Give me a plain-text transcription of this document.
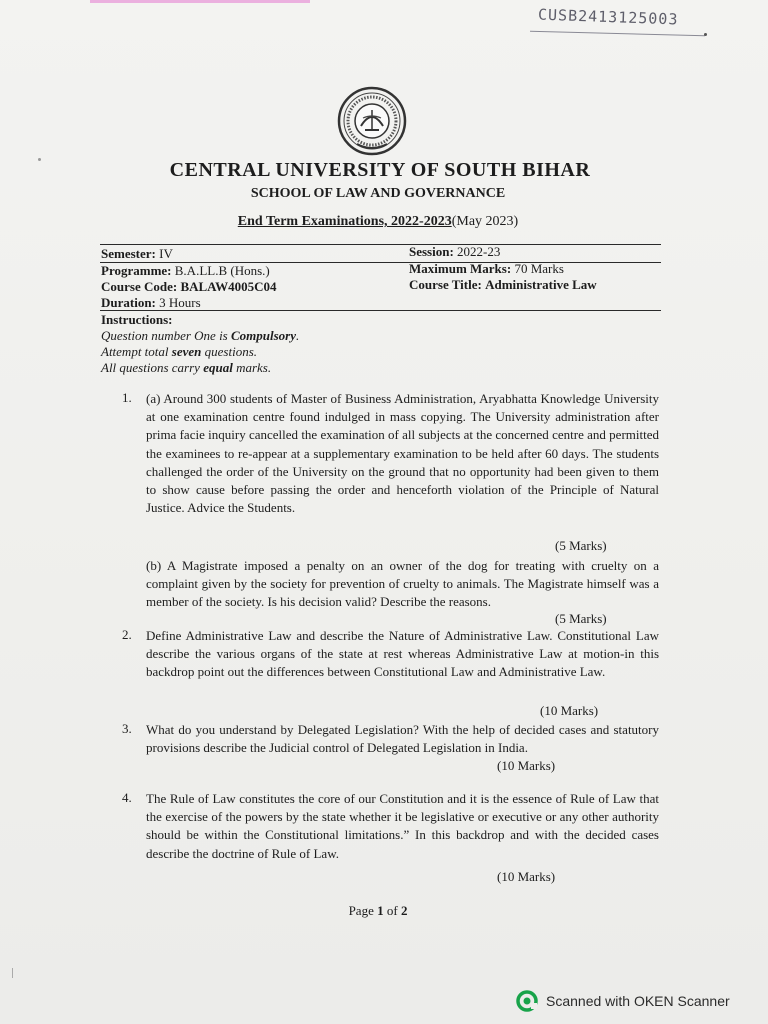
CUSB2413125003
CENTRAL UNIVERSITY OF SOUTH BIHAR
SCHOOL OF LAW AND GOVERNANCE
End Term Examinations, 2022-2023(May 2023)
Semester: IV	Session: 2022-23
Programme: B.A.LL.B (Hons.)	Maximum Marks: 70 Marks
Course Code: BALAW4005C04	Course Title: Administrative Law
Duration: 3 Hours
Instructions:
Question number One is Compulsory.
Attempt total seven questions.
All questions carry equal marks.
1. (a) Around 300 students of Master of Business Administration, Aryabhatta Knowledge University at one examination centre found indulged in mass copying. The University administration after prima facie inquiry cancelled the examination of all subjects at the concerned centre and permitted the examinees to re-appear at a supplementary examination to be held after 60 days. The students challenged the order of the University on the ground that no opportunity had been given to them to show cause before passing the order and henceforth violation of the Principle of Natural Justice. Advice the Students.
(5 Marks)
(b) A Magistrate imposed a penalty on an owner of the dog for treating with cruelty on a complaint given by the society for prevention of cruelty to animals. The Magistrate himself was a member of the society. Is his decision valid? Describe the reasons.
(5 Marks)
2. Define Administrative Law and describe the Nature of Administrative Law. Constitutional Law describe the various organs of the state at rest whereas Administrative Law at motion-in this backdrop point out the differences between Constitutional Law and Administrative Law.
(10 Marks)
3. What do you understand by Delegated Legislation? With the help of decided cases and statutory provisions describe the Judicial control of Delegated Legislation in India.
(10 Marks)
4. The Rule of Law constitutes the core of our Constitution and it is the essence of Rule of Law that the exercise of the powers by the state whether it be legislative or executive or any other authority should be within the Constitutional limitations.” In this backdrop and with the decided cases describe the doctrine of Rule of Law.
(10 Marks)
Page 1 of 2
Scanned with OKEN Scanner
